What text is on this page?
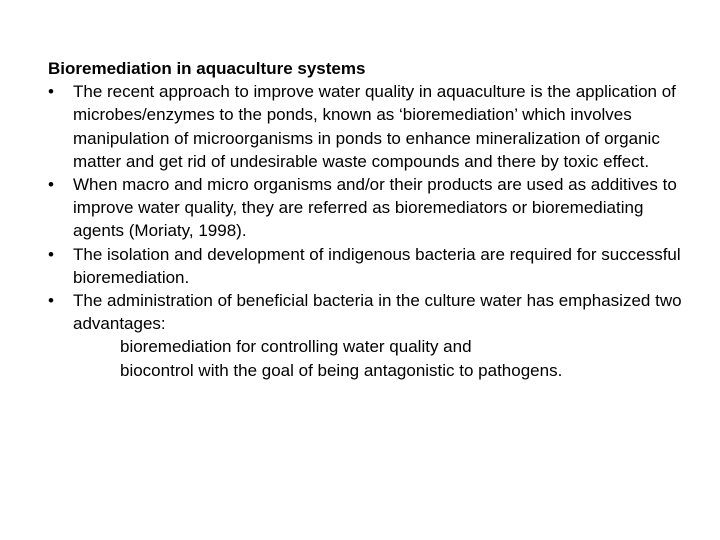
Bioremediation in aquaculture systems
• The recent approach to improve water quality in aquaculture is the application of microbes/enzymes to the ponds, known as ‘bioremediation’ which involves manipulation of microorganisms in ponds to enhance mineralization of organic matter and get rid of undesirable waste compounds and there by toxic effect.
• When macro and micro organisms and/or their products are used as additives to improve water quality, they are referred as bioremediators or bioremediating agents (Moriaty, 1998).
• The isolation and development of indigenous bacteria are required for successful bioremediation.
• The administration of beneficial bacteria in the culture water has emphasized two advantages:
bioremediation for controlling water quality and
biocontrol with the goal of being antagonistic to pathogens.
